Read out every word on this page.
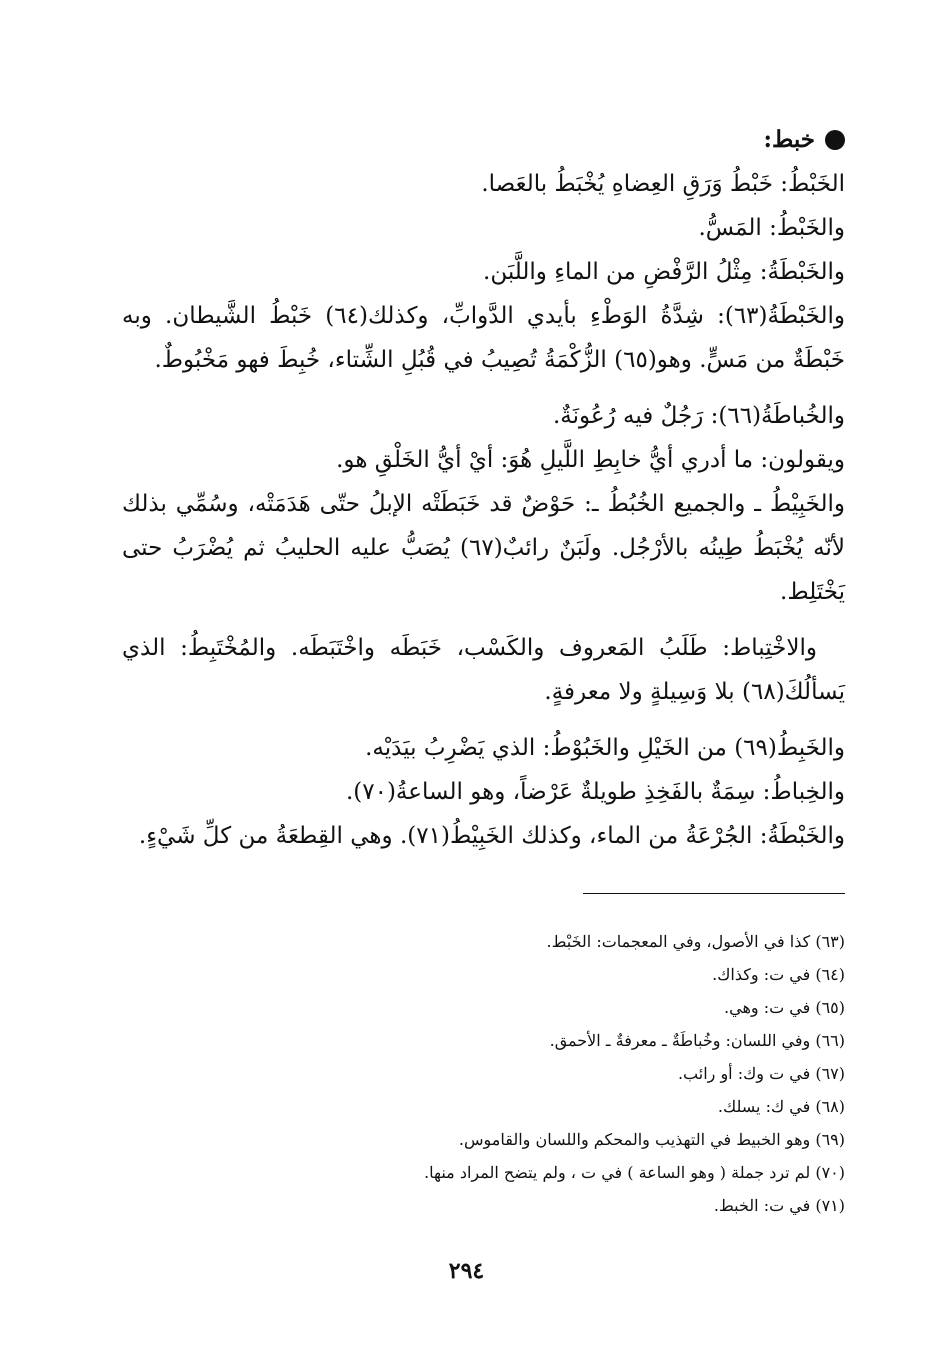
خبط:

الخَبْطُ: خَبْطُ وَرَقِ العِضاهِ يُخْبَطُ بالعَصا.

والخَبْطُ: المَسُّ.

والخَبْطَةُ: مِثْلُ الرَّفْضِ من الماءِ واللَّبَن.

والخَبْطَةُ(٦٣): شِدَّةُ الوَطْءِ بأيدي الدَّوابِّ، وكذلك(٦٤) خَبْطُ الشَّيطان. وبه خَبْطَةٌ من مَسٍّ. وهو(٦٥) الزُّكْمَةُ تُصِيبُ في قُبُلِ الشِّتاء، خُبِطَ فهو مَخْبُوطٌ.

والخُباطَةُ(٦٦): رَجُلٌ فيه رُعُونَةٌ.

ويقولون: ما أدري أيُّ خابِطِ اللَّيلِ هُوَ: أيْ أيُّ الخَلْقِ هو.

والخَبِيْطُ ـ والجميع الخُبُطُ ـ: حَوْضٌ قد خَبَطَتْه الإبلُ حتّى هَدَمَتْه، وسُمِّي بذلك لأنّه يُخْبَطُ طِينُه بالأرْجُل. ولَبَنٌ رائبٌ(٦٧) يُصَبُّ عليه الحليبُ ثم يُضْرَبُ حتى يَخْتَلِط.

والاخْتِباط: طَلَبُ المَعروف والكَسْب، خَبَطَه واخْتَبَطَه. والمُخْتَبِطُ: الذي يَسألُكَ(٦٨) بلا وَسِيلةٍ ولا معرفةٍ.

والخَبِطُ(٦٩) من الخَيْلِ والخَبُوْطُ: الذي يَضْرِبُ بيَدَيْه.

والخِباطُ: سِمَةٌ بالفَخِذِ طويلةٌ عَرْضاً، وهو الساعةُ(٧٠).

والخَبْطَةُ: الجُرْعَةُ من الماء، وكذلك الخَبِيْطُ(٧١). وهي القِطعَةُ من كلِّ شَيْءٍ.

(٦٣) كذا في الأصول، وفي المعجمات: الخَبْط.

(٦٤) في ت: وكذاك.

(٦٥) في ت: وهي.

(٦٦) وفي اللسان: وخُباطَةٌ ـ معرفةٌ ـ الأحمق.

(٦٧) في ت وك: أو رائب.

(٦٨) في ك: يسلك.

(٦٩) وهو الخبيط في التهذيب والمحكم واللسان والقاموس.

(٧٠) لم ترد جملة ( وهو الساعة ) في ت ، ولم يتضح المراد منها.

(٧١) في ت: الخبط.

٢٩٤
